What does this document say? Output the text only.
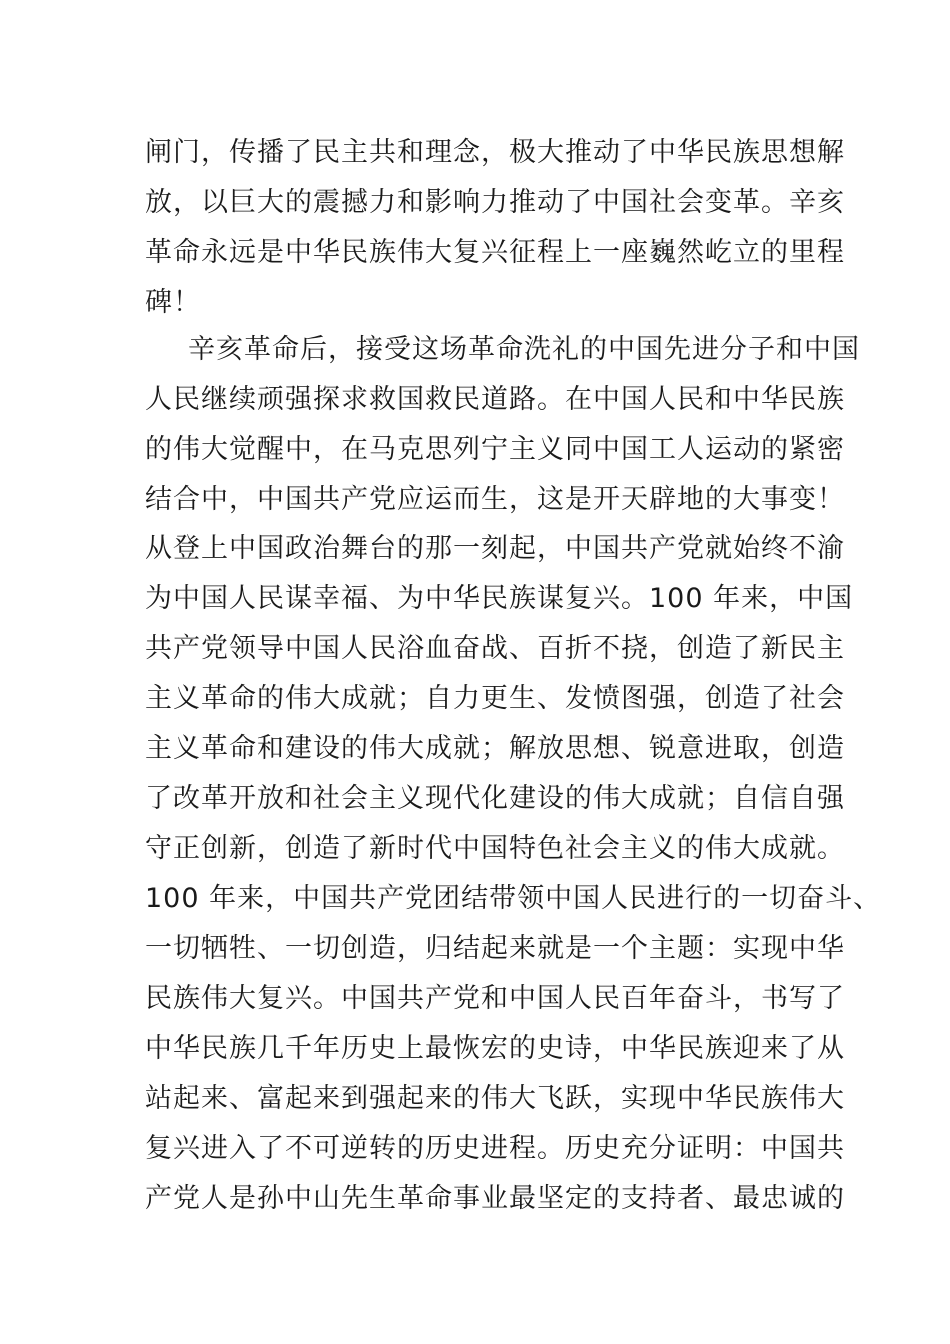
闸门，传播了民主共和理念，极大推动了中华民族思想解
放，以巨大的震撼力和影响力推动了中国社会变革。辛亥
革命永远是中华民族伟大复兴征程上一座巍然屹立的里程
碑！
辛亥革命后，接受这场革命洗礼的中国先进分子和中国
人民继续顽强探求救国救民道路。在中国人民和中华民族
的伟大觉醒中，在马克思列宁主义同中国工人运动的紧密
结合中，中国共产党应运而生，这是开天辟地的大事变！
从登上中国政治舞台的那一刻起，中国共产党就始终不渝
为中国人民谋幸福、为中华民族谋复兴。100 年来，中国
共产党领导中国人民浴血奋战、百折不挠，创造了新民主
主义革命的伟大成就；自力更生、发愤图强，创造了社会
主义革命和建设的伟大成就；解放思想、锐意进取，创造
了改革开放和社会主义现代化建设的伟大成就；自信自强
守正创新，创造了新时代中国特色社会主义的伟大成就。
100 年来，中国共产党团结带领中国人民进行的一切奋斗、
一切牺牲、一切创造，归结起来就是一个主题：实现中华
民族伟大复兴。中国共产党和中国人民百年奋斗，书写了
中华民族几千年历史上最恢宏的史诗，中华民族迎来了从
站起来、富起来到强起来的伟大飞跃，实现中华民族伟大
复兴进入了不可逆转的历史进程。历史充分证明：中国共
产党人是孙中山先生革命事业最坚定的支持者、最忠诚的
